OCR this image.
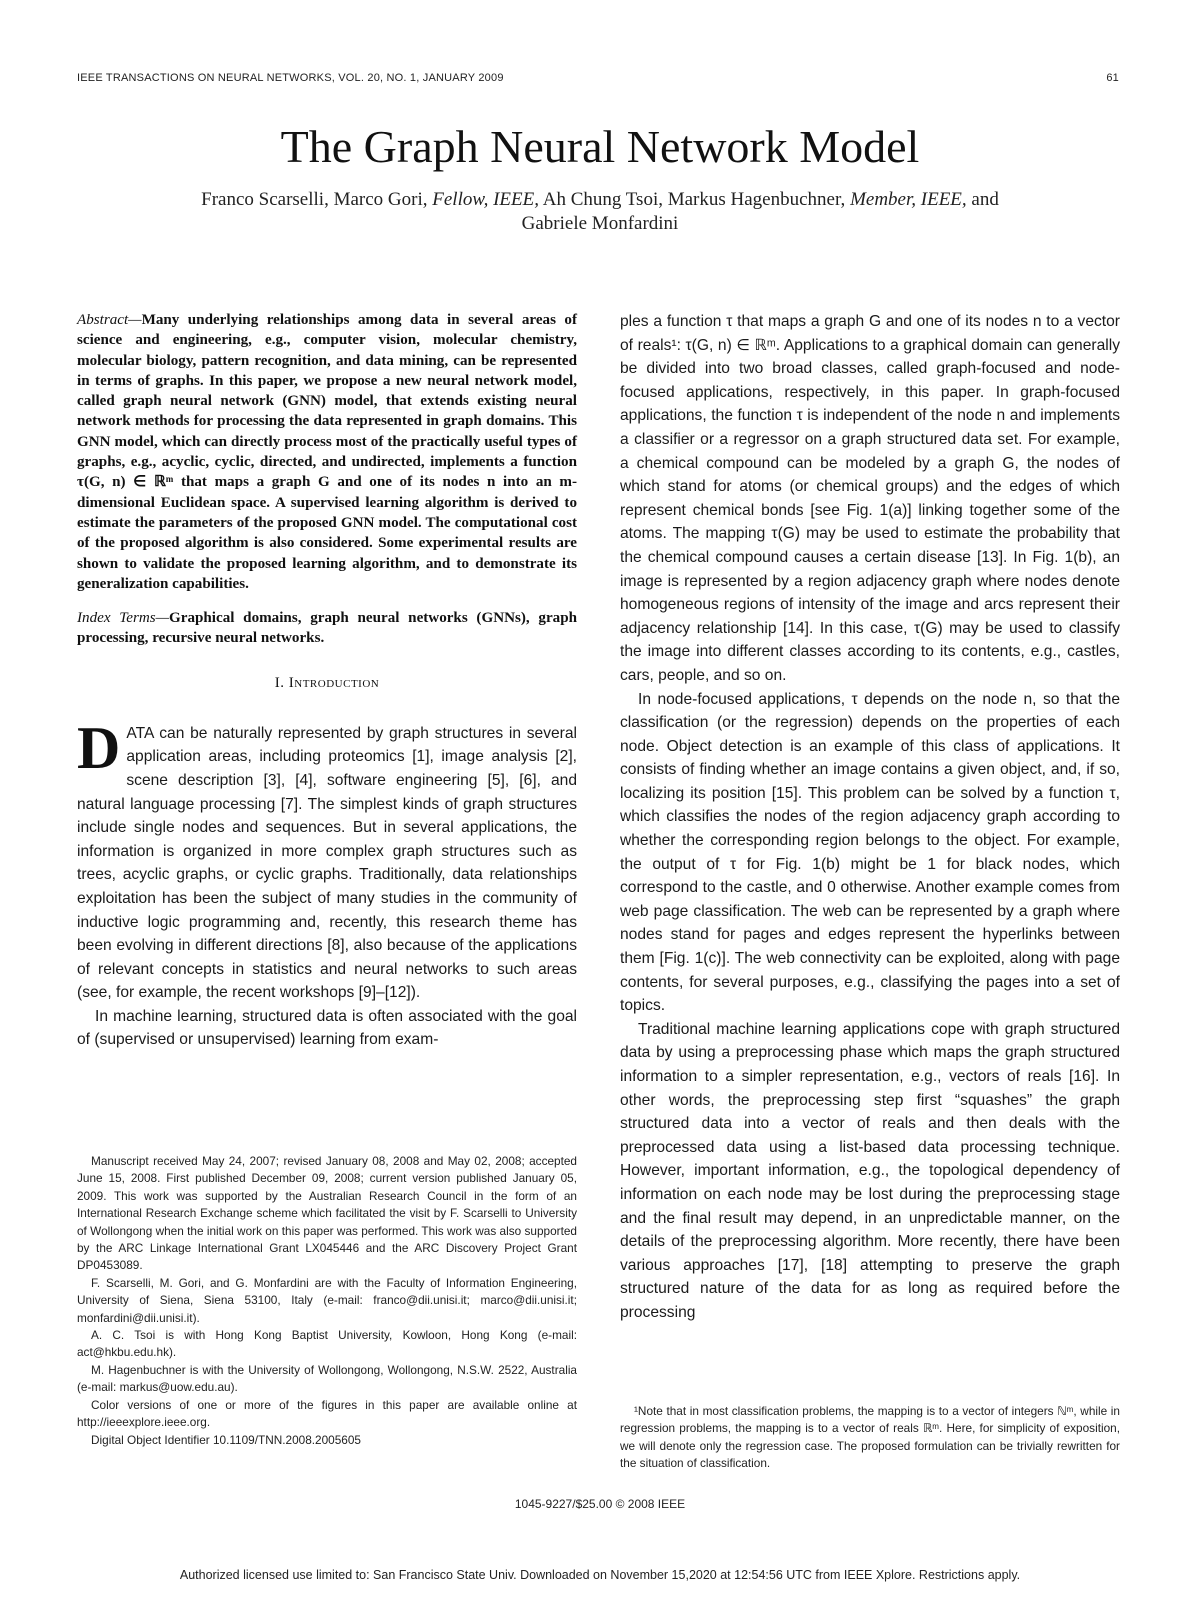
IEEE TRANSACTIONS ON NEURAL NETWORKS, VOL. 20, NO. 1, JANUARY 2009	61
The Graph Neural Network Model
Franco Scarselli, Marco Gori, Fellow, IEEE, Ah Chung Tsoi, Markus Hagenbuchner, Member, IEEE, and
Gabriele Monfardini

Abstract—Many underlying relationships among data in several areas of science and engineering, e.g., computer vision, molecular chemistry, molecular biology, pattern recognition, and data mining, can be represented in terms of graphs. In this paper, we propose a new neural network model, called graph neural network (GNN) model, that extends existing neural network methods for processing the data represented in graph domains. This GNN model, which can directly process most of the practically useful types of graphs, e.g., acyclic, cyclic, directed, and undirected, implements a function τ(G, n) ∈ ℝᵐ that maps a graph G and one of its nodes n into an m-dimensional Euclidean space. A supervised learning algorithm is derived to estimate the parameters of the proposed GNN model. The computational cost of the proposed algorithm is also considered. Some experimental results are shown to validate the proposed learning algorithm, and to demonstrate its generalization capabilities.

Index Terms—Graphical domains, graph neural networks (GNNs), graph processing, recursive neural networks.

I. Introduction

DATA can be naturally represented by graph structures in several application areas, including proteomics [1], image analysis [2], scene description [3], [4], software engineering [5], [6], and natural language processing [7]. The simplest kinds of graph structures include single nodes and sequences. But in several applications, the information is organized in more complex graph structures such as trees, acyclic graphs, or cyclic graphs. Traditionally, data relationships exploitation has been the subject of many studies in the community of inductive logic programming and, recently, this research theme has been evolving in different directions [8], also because of the applications of relevant concepts in statistics and neural networks to such areas (see, for example, the recent workshops [9]–[12]).

In machine learning, structured data is often associated with the goal of (supervised or unsupervised) learning from exam-

ples a function τ that maps a graph G and one of its nodes n to a vector of reals¹: τ(G, n) ∈ ℝᵐ. Applications to a graphical domain can generally be divided into two broad classes, called graph-focused and node-focused applications, respectively, in this paper. In graph-focused applications, the function τ is independent of the node n and implements a classifier or a regressor on a graph structured data set. For example, a chemical compound can be modeled by a graph G, the nodes of which stand for atoms (or chemical groups) and the edges of which represent chemical bonds [see Fig. 1(a)] linking together some of the atoms. The mapping τ(G) may be used to estimate the probability that the chemical compound causes a certain disease [13]. In Fig. 1(b), an image is represented by a region adjacency graph where nodes denote homogeneous regions of intensity of the image and arcs represent their adjacency relationship [14]. In this case, τ(G) may be used to classify the image into different classes according to its contents, e.g., castles, cars, people, and so on.

In node-focused applications, τ depends on the node n, so that the classification (or the regression) depends on the properties of each node. Object detection is an example of this class of applications. It consists of finding whether an image contains a given object, and, if so, localizing its position [15]. This problem can be solved by a function τ, which classifies the nodes of the region adjacency graph according to whether the corresponding region belongs to the object. For example, the output of τ for Fig. 1(b) might be 1 for black nodes, which correspond to the castle, and 0 otherwise. Another example comes from web page classification. The web can be represented by a graph where nodes stand for pages and edges represent the hyperlinks between them [Fig. 1(c)]. The web connectivity can be exploited, along with page contents, for several purposes, e.g., classifying the pages into a set of topics.

Traditional machine learning applications cope with graph structured data by using a preprocessing phase which maps the graph structured information to a simpler representation, e.g., vectors of reals [16]. In other words, the preprocessing step first “squashes” the graph structured data into a vector of reals and then deals with the preprocessed data using a list-based data processing technique. However, important information, e.g., the topological dependency of information on each node may be lost during the preprocessing stage and the final result may depend, in an unpredictable manner, on the details of the preprocessing algorithm. More recently, there have been various approaches [17], [18] attempting to preserve the graph structured nature of the data for as long as required before the processing

Manuscript received May 24, 2007; revised January 08, 2008 and May 02, 2008; accepted June 15, 2008. First published December 09, 2008; current version published January 05, 2009. This work was supported by the Australian Research Council in the form of an International Research Exchange scheme which facilitated the visit by F. Scarselli to University of Wollongong when the initial work on this paper was performed. This work was also supported by the ARC Linkage International Grant LX045446 and the ARC Discovery Project Grant DP0453089.

F. Scarselli, M. Gori, and G. Monfardini are with the Faculty of Information Engineering, University of Siena, Siena 53100, Italy (e-mail: franco@dii.unisi.it; marco@dii.unisi.it; monfardini@dii.unisi.it).

A. C. Tsoi is with Hong Kong Baptist University, Kowloon, Hong Kong (e-mail: act@hkbu.edu.hk).

M. Hagenbuchner is with the University of Wollongong, Wollongong, N.S.W. 2522, Australia (e-mail: markus@uow.edu.au).

Color versions of one or more of the figures in this paper are available online at http://ieeexplore.ieee.org.

Digital Object Identifier 10.1109/TNN.2008.2005605

¹Note that in most classification problems, the mapping is to a vector of integers ℕᵐ, while in regression problems, the mapping is to a vector of reals ℝᵐ. Here, for simplicity of exposition, we will denote only the regression case. The proposed formulation can be trivially rewritten for the situation of classification.
1045-9227/$25.00 © 2008 IEEE
Authorized licensed use limited to: San Francisco State Univ. Downloaded on November 15,2020 at 12:54:56 UTC from IEEE Xplore. Restrictions apply.
